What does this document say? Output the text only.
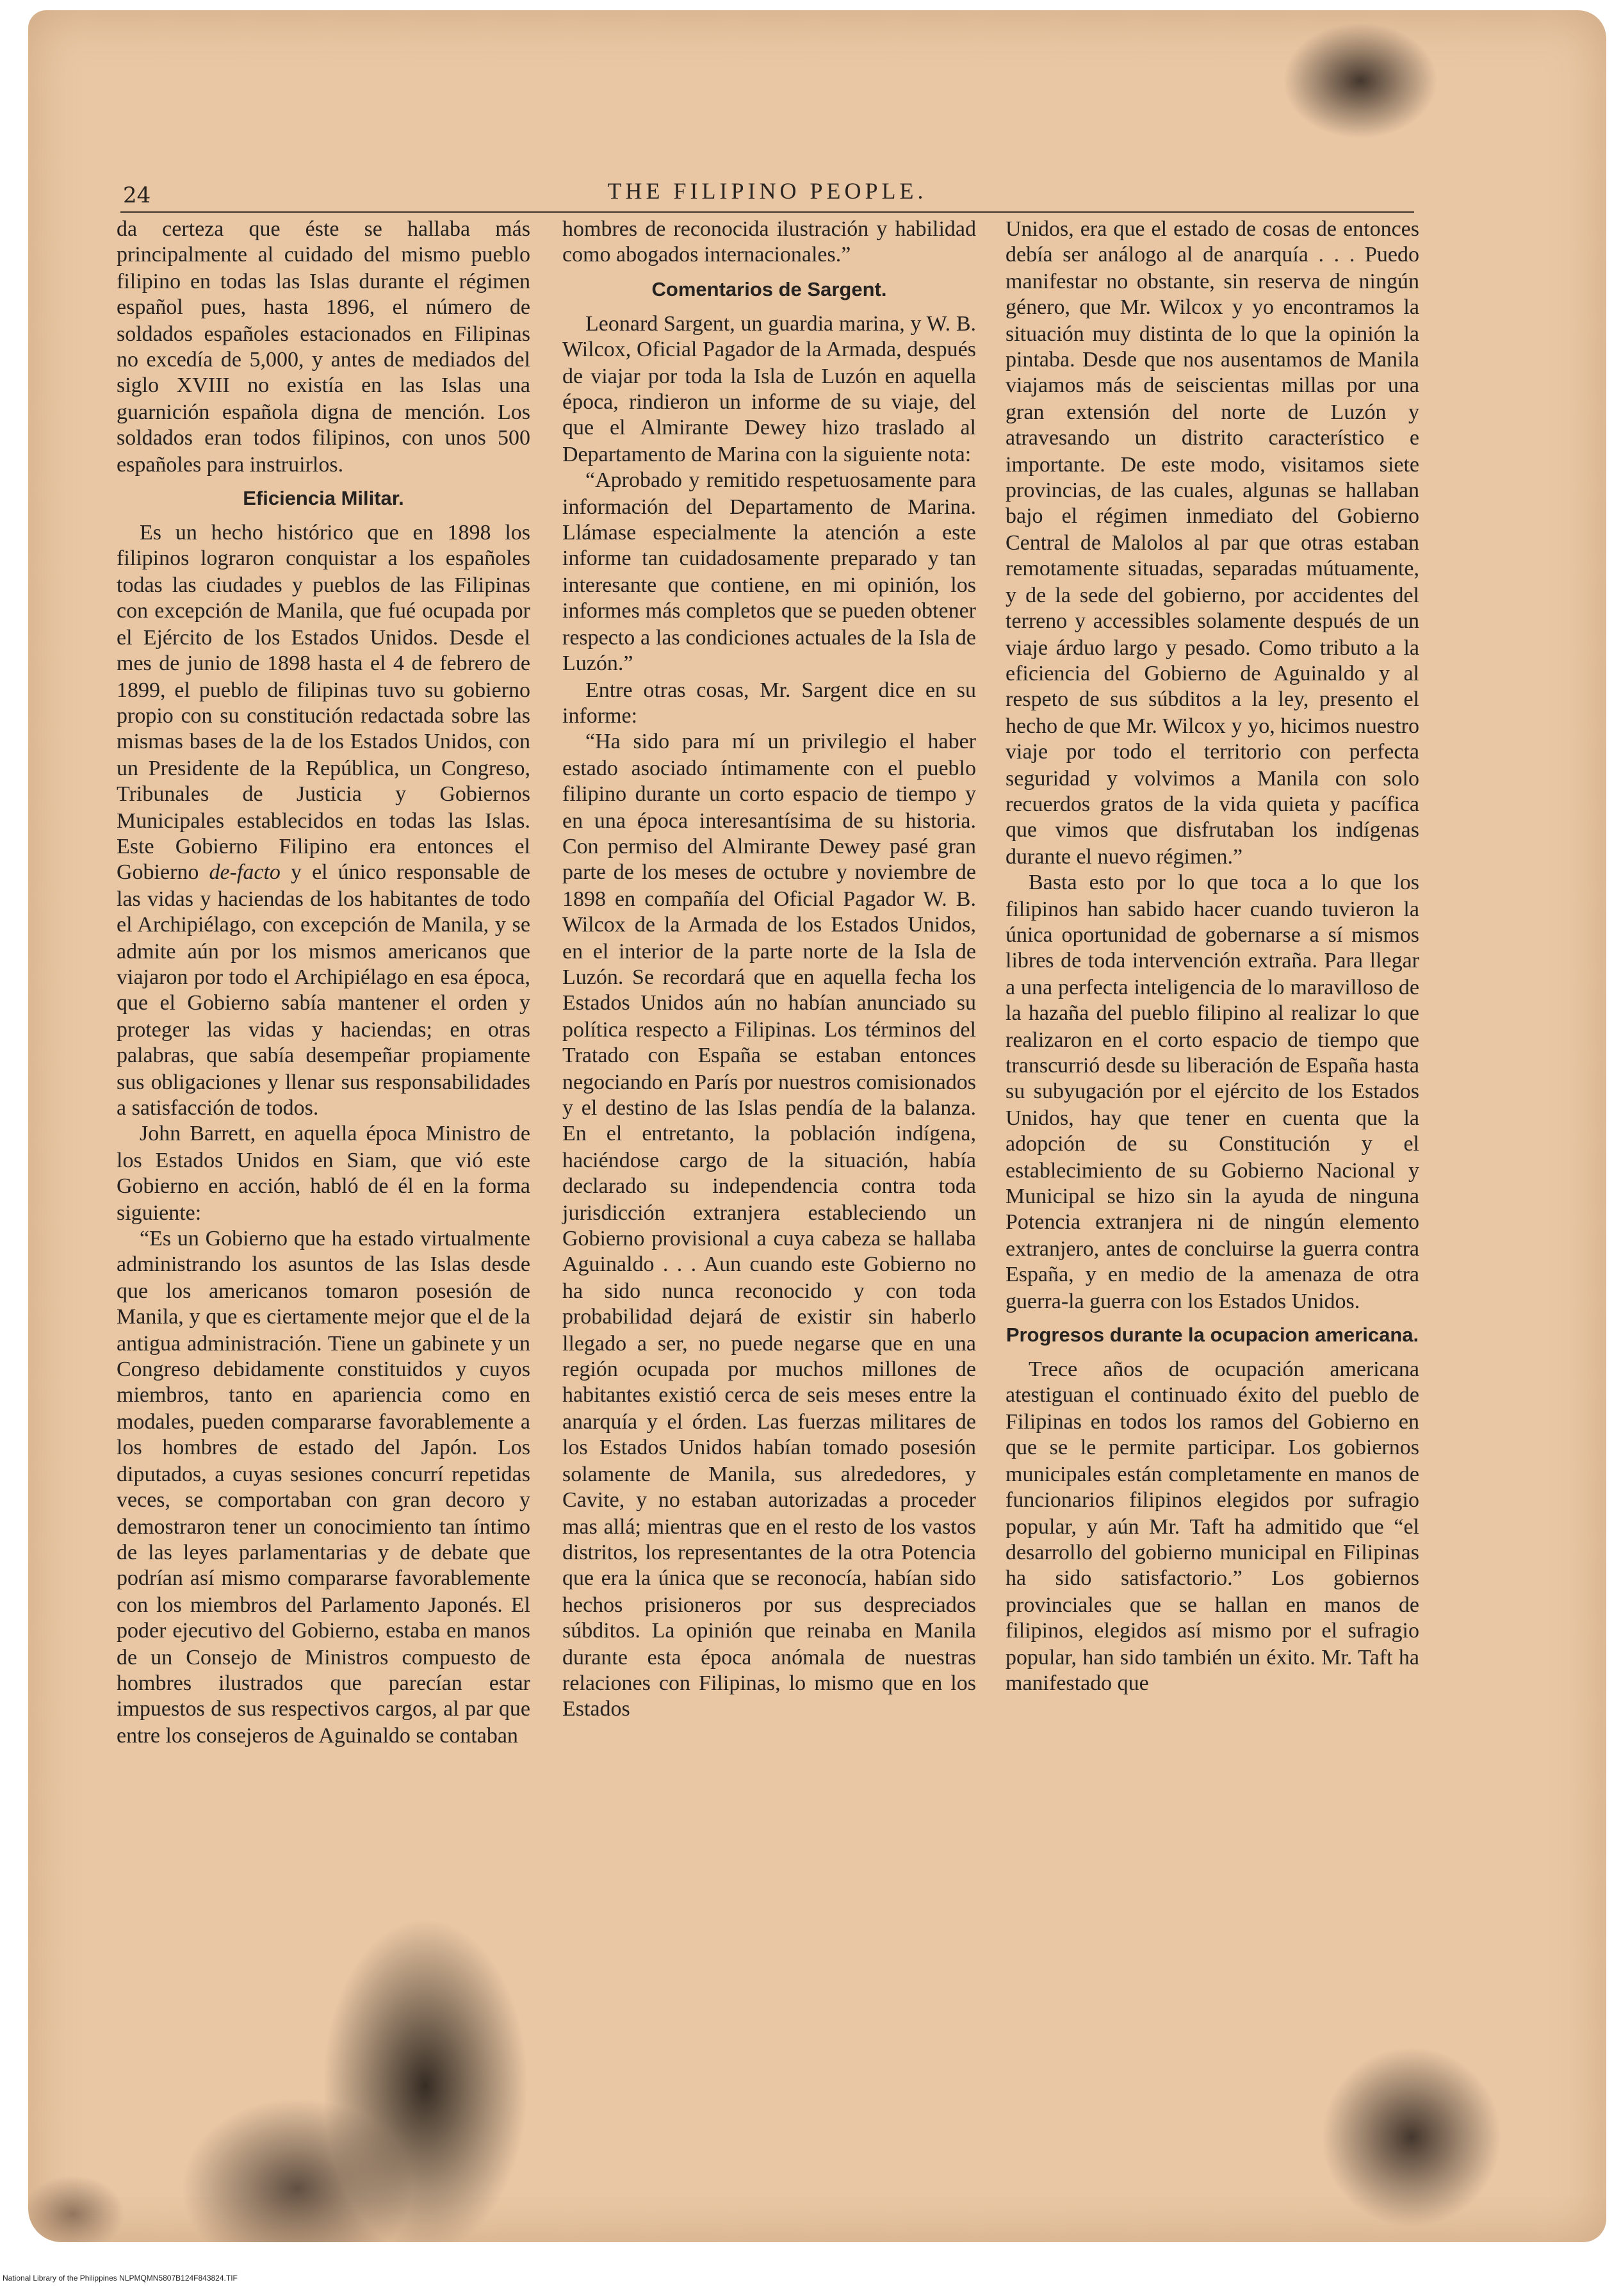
24	THE FILIPINO PEOPLE.

da certeza que éste se hallaba más principalmente al cuidado del mismo pueblo filipino en todas las Islas durante el régimen español pues, hasta 1896, el número de soldados españoles estacionados en Filipinas no excedía de 5,000, y antes de mediados del siglo XVIII no existía en las Islas una guarnición española digna de mención. Los soldados eran todos filipinos, con unos 500 españoles para instruirlos.

Eficiencia Militar.

Es un hecho histórico que en 1898 los filipinos lograron conquistar a los españoles todas las ciudades y pueblos de las Filipinas con excepción de Manila, que fué ocupada por el Ejército de los Estados Unidos. Desde el mes de junio de 1898 hasta el 4 de febrero de 1899, el pueblo de filipinas tuvo su gobierno propio con su constitución redactada sobre las mismas bases de la de los Estados Unidos, con un Presidente de la República, un Congreso, Tribunales de Justicia y Gobiernos Municipales establecidos en todas las Islas. Este Gobierno Filipino era entonces el Gobierno de-facto y el único responsable de las vidas y haciendas de los habitantes de todo el Archipiélago, con excepción de Manila, y se admite aún por los mismos americanos que viajaron por todo el Archipiélago en esa época, que el Gobierno sabía mantener el orden y proteger las vidas y haciendas; en otras palabras, que sabía desempeñar propiamente sus obligaciones y llenar sus responsabilidades a satisfacción de todos.

John Barrett, en aquella época Ministro de los Estados Unidos en Siam, que vió este Gobierno en acción, habló de él en la forma siguiente:

“Es un Gobierno que ha estado virtualmente administrando los asuntos de las Islas desde que los americanos tomaron posesión de Manila, y que es ciertamente mejor que el de la antigua administración. Tiene un gabinete y un Congreso debidamente constituidos y cuyos miembros, tanto en apariencia como en modales, pueden compararse favorablemente a los hombres de estado del Japón. Los diputados, a cuyas sesiones concurrí repetidas veces, se comportaban con gran decoro y demostraron tener un conocimiento tan íntimo de las leyes parlamentarias y de debate que podrían así mismo compararse favorablemente con los miembros del Parlamento Japonés. El poder ejecutivo del Gobierno, estaba en manos de un Consejo de Ministros compuesto de hombres ilustrados que parecían estar impuestos de sus respectivos cargos, al par que entre los consejeros de Aguinaldo se contaban

hombres de reconocida ilustración y habilidad como abogados internacionales.”

Comentarios de Sargent.

Leonard Sargent, un guardia marina, y W. B. Wilcox, Oficial Pagador de la Armada, después de viajar por toda la Isla de Luzón en aquella época, rindieron un informe de su viaje, del que el Almirante Dewey hizo traslado al Departamento de Marina con la siguiente nota:

“Aprobado y remitido respetuosamente para información del Departamento de Marina. Llámase especialmente la atención a este informe tan cuidadosamente preparado y tan interesante que contiene, en mi opinión, los informes más completos que se pueden obtener respecto a las condiciones actuales de la Isla de Luzón.”

Entre otras cosas, Mr. Sargent dice en su informe:

“Ha sido para mí un privilegio el haber estado asociado íntimamente con el pueblo filipino durante un corto espacio de tiempo y en una época interesantísima de su historia. Con permiso del Almirante Dewey pasé gran parte de los meses de octubre y noviembre de 1898 en compañía del Oficial Pagador W. B. Wilcox de la Armada de los Estados Unidos, en el interior de la parte norte de la Isla de Luzón. Se recordará que en aquella fecha los Estados Unidos aún no habían anunciado su política respecto a Filipinas. Los términos del Tratado con España se estaban entonces negociando en París por nuestros comisionados y el destino de las Islas pendía de la balanza. En el entretanto, la población indígena, haciéndose cargo de la situación, había declarado su independencia contra toda jurisdicción extranjera estableciendo un Gobierno provisional a cuya cabeza se hallaba Aguinaldo . . . Aun cuando este Gobierno no ha sido nunca reconocido y con toda probabilidad dejará de existir sin haberlo llegado a ser, no puede negarse que en una región ocupada por muchos millones de habitantes existió cerca de seis meses entre la anarquía y el órden. Las fuerzas militares de los Estados Unidos habían tomado posesión solamente de Manila, sus alrededores, y Cavite, y no estaban autorizadas a proceder mas allá; mientras que en el resto de los vastos distritos, los representantes de la otra Potencia que era la única que se reconocía, habían sido hechos prisioneros por sus despreciados súbditos. La opinión que reinaba en Manila durante esta época anómala de nuestras relaciones con Filipinas, lo mismo que en los Estados

Unidos, era que el estado de cosas de entonces debía ser análogo al de anarquía . . . Puedo manifestar no obstante, sin reserva de ningún género, que Mr. Wilcox y yo encontramos la situación muy distinta de lo que la opinión la pintaba. Desde que nos ausentamos de Manila viajamos más de seiscientas millas por una gran extensión del norte de Luzón y atravesando un distrito característico e importante. De este modo, visitamos siete provincias, de las cuales, algunas se hallaban bajo el régimen inmediato del Gobierno Central de Malolos al par que otras estaban remotamente situadas, separadas mútuamente, y de la sede del gobierno, por accidentes del terreno y accessibles solamente después de un viaje árduo largo y pesado. Como tributo a la eficiencia del Gobierno de Aguinaldo y al respeto de sus súbditos a la ley, presento el hecho de que Mr. Wilcox y yo, hicimos nuestro viaje por todo el territorio con perfecta seguridad y volvimos a Manila con solo recuerdos gratos de la vida quieta y pacífica que vimos que disfrutaban los indígenas durante el nuevo régimen.”

Basta esto por lo que toca a lo que los filipinos han sabido hacer cuando tuvieron la única oportunidad de gobernarse a sí mismos libres de toda intervención extraña. Para llegar a una perfecta inteligencia de lo maravilloso de la hazaña del pueblo filipino al realizar lo que realizaron en el corto espacio de tiempo que transcurrió desde su liberación de España hasta su subyugación por el ejército de los Estados Unidos, hay que tener en cuenta que la adopción de su Constitución y el establecimiento de su Gobierno Nacional y Municipal se hizo sin la ayuda de ninguna Potencia extranjera ni de ningún elemento extranjero, antes de concluirse la guerra contra España, y en medio de la amenaza de otra guerra-la guerra con los Estados Unidos.

Progresos durante la ocupacion americana.

Trece años de ocupación americana atestiguan el continuado éxito del pueblo de Filipinas en todos los ramos del Gobierno en que se le permite participar. Los gobiernos municipales están completamente en manos de funcionarios filipinos elegidos por sufragio popular, y aún Mr. Taft ha admitido que “el desarrollo del gobierno municipal en Filipinas ha sido satisfactorio.” Los gobiernos provinciales que se hallan en manos de filipinos, elegidos así mismo por el sufragio popular, han sido también un éxito. Mr. Taft ha manifestado que

National Library of the Philippines NLPMQMN5807B124F843824.TIF
